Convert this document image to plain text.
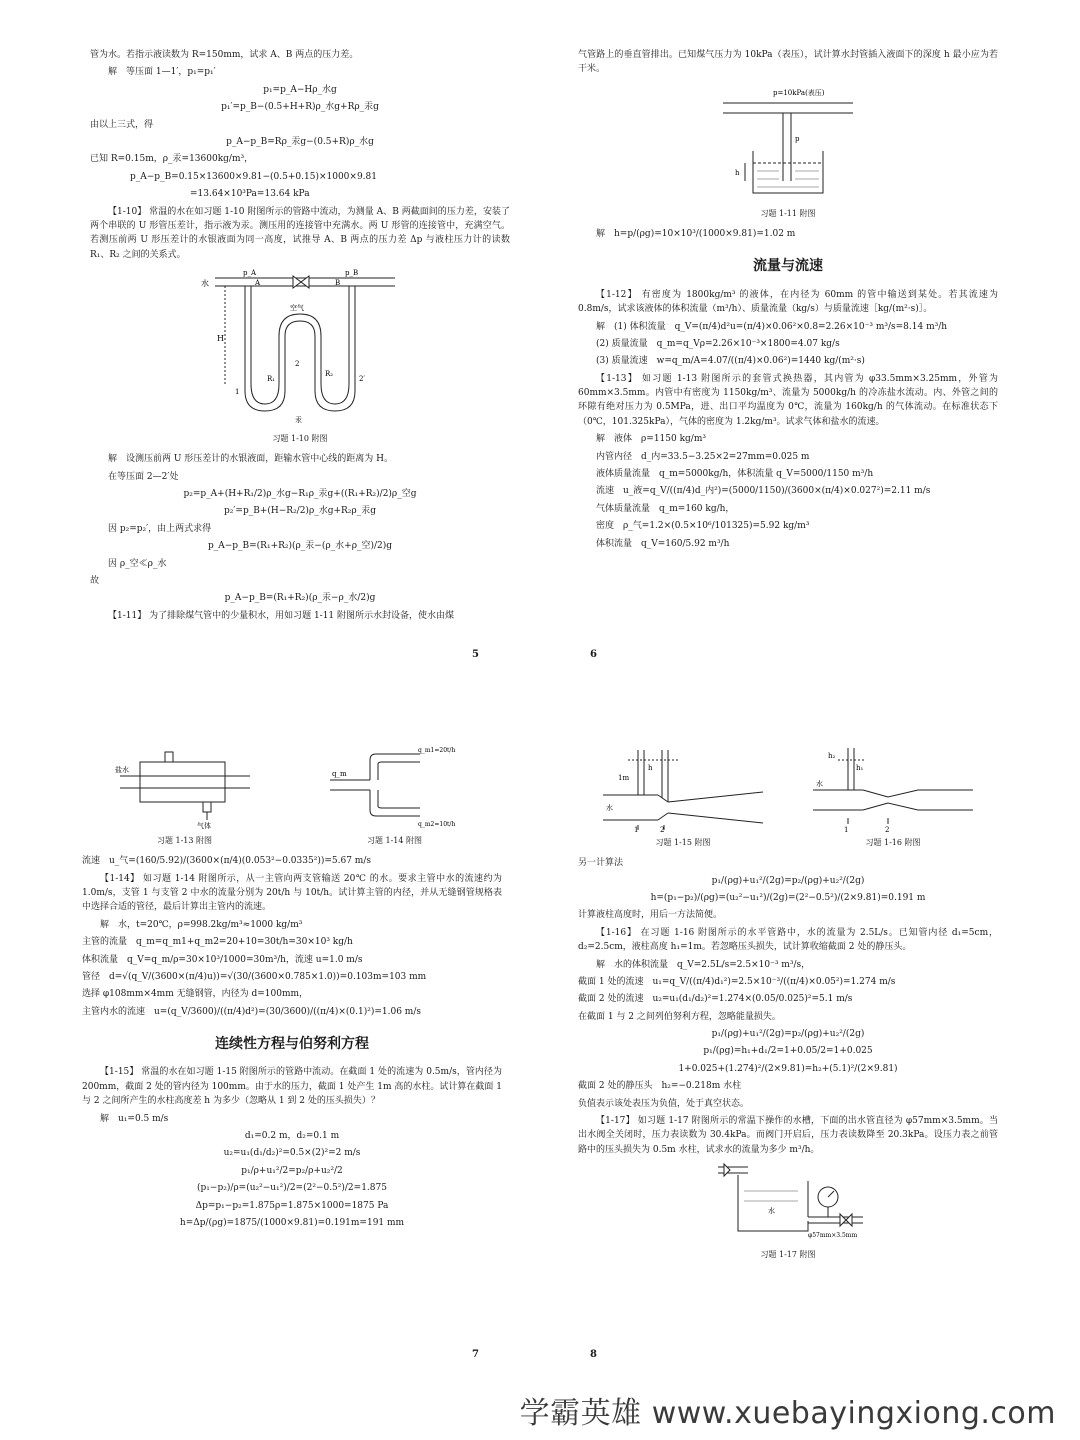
管为水。若指示液读数为 R=150mm，试求 A、B 两点的压力差。

解　等压面 1—1′，p₁=p₁′

p₁=p_A−Hρ_水g

p₁′=p_B−(0.5+H+R)ρ_水g+Rρ_汞g

由以上三式，得

p_A−p_B=Rρ_汞g−(0.5+R)ρ_水g

已知 R=0.15m，ρ_汞=13600kg/m³，

p_A−p_B=0.15×13600×9.81−(0.5+0.15)×1000×9.81

=13.64×10³Pa=13.64 kPa

【1-10】 常温的水在如习题 1-10 附图所示的管路中流动，为测量 A、B 两截面间的压力差，安装了两个串联的 U 形管压差计，指示液为汞。测压用的连接管中充满水。两 U 形管的连接管中，充满空气。若测压前两 U 形压差计的水银液面为同一高度，试推导 A、B 两点的压力差 Δp 与液柱压力计的读数 R₁、R₂ 之间的关系式。

水	A	B
p_A	p_B
空气
H
R₁
R₂
1
2
2′
汞

习题 1-10 附图

解　设测压前两 U 形压差计的水银液面，距输水管中心线的距离为 H。

在等压面 2—2′处

p₂=p_A+(H+R₁/2)ρ_水g−R₁ρ_汞g+((R₁+R₂)/2)ρ_空g

p₂′=p_B+(H−R₂/2)ρ_水g+R₂ρ_汞g

因 p₂=p₂′，由上两式求得

p_A−p_B=(R₁+R₂)(ρ_汞−(ρ_水+ρ_空)/2)g

因 ρ_空≪ρ_水

故

p_A−p_B=(R₁+R₂)(ρ_汞−ρ_水/2)g

【1-11】 为了排除煤气管中的少量积水，用如习题 1-11 附图所示水封设备，使水由煤

5

气管路上的垂直管排出。已知煤气压力为 10kPa（表压），试计算水封管插入液面下的深度 h 最小应为若干米。

p=10kPa(表压)
p
h

习题 1-11 附图

解　h=p/(ρg)=10×10³/(1000×9.81)=1.02 m

流量与流速

【1-12】 有密度为 1800kg/m³ 的液体，在内径为 60mm 的管中输送到某处。若其流速为 0.8m/s，试求该液体的体积流量（m³/h）、质量流量（kg/s）与质量流速［kg/(m²·s)］。

解　(1) 体积流量　q_V=(π/4)d²u=(π/4)×0.06²×0.8=2.26×10⁻³ m³/s=8.14 m³/h

(2) 质量流量　q_m=q_Vρ=2.26×10⁻³×1800=4.07 kg/s

(3) 质量流速　w=q_m/A=4.07/((π/4)×0.06²)=1440 kg/(m²·s)

【1-13】 如习题 1-13 附图所示的套管式换热器，其内管为 φ33.5mm×3.25mm，外管为 60mm×3.5mm。内管中有密度为 1150kg/m³、流量为 5000kg/h 的冷冻盐水流动。内、外管之间的环隙有绝对压力为 0.5MPa，进、出口平均温度为 0℃，流量为 160kg/h 的气体流动。在标准状态下（0℃，101.325kPa），气体的密度为 1.2kg/m³。试求气体和盐水的流速。

解　液体　ρ=1150 kg/m³

内管内径　d_内=33.5−3.25×2=27mm=0.025 m

液体质量流量　q_m=5000kg/h，体积流量 q_V=5000/1150 m³/h

流速　u_液=q_V/((π/4)d_内²)=(5000/1150)/(3600×(π/4)×0.027²)=2.11 m/s

气体质量流量　q_m=160 kg/h，

密度　ρ_气=1.2×(0.5×10⁶/101325)=5.92 kg/m³

体积流量　q_V=160/5.92 m³/h

6
盐水
气体
习题 1-13 附图
q_m
q_m1=20t/h
q_m2=10t/h
习题 1-14 附图

流速　u_气=(160/5.92)/(3600×(π/4)(0.053²−0.0335²))=5.67 m/s

【1-14】 如习题 1-14 附图所示，从一主管向两支管输送 20℃ 的水。要求主管中水的流速约为 1.0m/s，支管 1 与支管 2 中水的流量分别为 20t/h 与 10t/h。试计算主管的内径，并从无缝钢管规格表中选择合适的管径，最后计算出主管内的流速。

解　水，t=20℃，ρ=998.2kg/m³≈1000 kg/m³

主管的流量　q_m=q_m1+q_m2=20+10=30t/h=30×10³ kg/h

体积流量　q_V=q_m/ρ=30×10³/1000=30m³/h，流速 u=1.0 m/s

管径　d=√(q_V/(3600×(π/4)u))=√(30/(3600×0.785×1.0))=0.103m=103 mm

选择 φ108mm×4mm 无缝钢管，内径为 d=100mm，

主管内水的流速　u=(q_V/3600)/((π/4)d²)=(30/3600)/((π/4)×(0.1)²)=1.06 m/s

连续性方程与伯努利方程

【1-15】 常温的水在如习题 1-15 附图所示的管路中流动。在截面 1 处的流速为 0.5m/s，管内径为 200mm，截面 2 处的管内径为 100mm。由于水的压力，截面 1 处产生 1m 高的水柱。试计算在截面 1 与 2 之间所产生的水柱高度差 h 为多少（忽略从 1 到 2 处的压头损失）？

解　u₁=0.5 m/s

d₁=0.2 m，d₂=0.1 m

u₂=u₁(d₁/d₂)²=0.5×(2)²=2 m/s

p₁/ρ+u₁²/2=p₂/ρ+u₂²/2

(p₁−p₂)/ρ=(u₂²−u₁²)/2=(2²−0.5²)/2=1.875

Δp=p₁−p₂=1.875ρ=1.875×1000=1875 Pa

h=Δp/(ρg)=1875/(1000×9.81)=0.191m=191 mm

7
1m
h
水
1	2
习题 1-15 附图
h₁
h₂
水
1	2
习题 1-16 附图

另一计算法

p₁/(ρg)+u₁²/(2g)=p₂/(ρg)+u₂²/(2g)

h=(p₁−p₂)/(ρg)=(u₂²−u₁²)/(2g)=(2²−0.5²)/(2×9.81)=0.191 m

计算液柱高度时，用后一方法简便。

【1-16】 在习题 1-16 附图所示的水平管路中，水的流量为 2.5L/s。已知管内径 d₁=5cm，d₂=2.5cm，液柱高度 h₁=1m。若忽略压头损失，试计算收缩截面 2 处的静压头。

解　水的体积流量　q_V=2.5L/s=2.5×10⁻³ m³/s，

截面 1 处的流速　u₁=q_V/((π/4)d₁²)=2.5×10⁻³/((π/4)×0.05²)=1.274 m/s

截面 2 处的流速　u₂=u₁(d₁/d₂)²=1.274×(0.05/0.025)²=5.1 m/s

在截面 1 与 2 之间列伯努利方程，忽略能量损失。

p₁/(ρg)+u₁²/(2g)=p₂/(ρg)+u₂²/(2g)

p₁/(ρg)=h₁+d₁/2=1+0.05/2=1+0.025

1+0.025+(1.274)²/(2×9.81)=h₂+(5.1)²/(2×9.81)

截面 2 处的静压头　h₂=−0.218m 水柱

负值表示该处表压为负值，处于真空状态。

【1-17】 如习题 1-17 附图所示的常温下操作的水槽，下面的出水管直径为 φ57mm×3.5mm。当出水阀全关闭时，压力表读数为 30.4kPa。而阀门开启后，压力表读数降至 20.3kPa。设压力表之前管路中的压头损失为 0.5m 水柱，试求水的流量为多少 m³/h。

水
φ57mm×3.5mm

习题 1-17 附图

8
学霸英雄 www.xuebayingxiong.com
